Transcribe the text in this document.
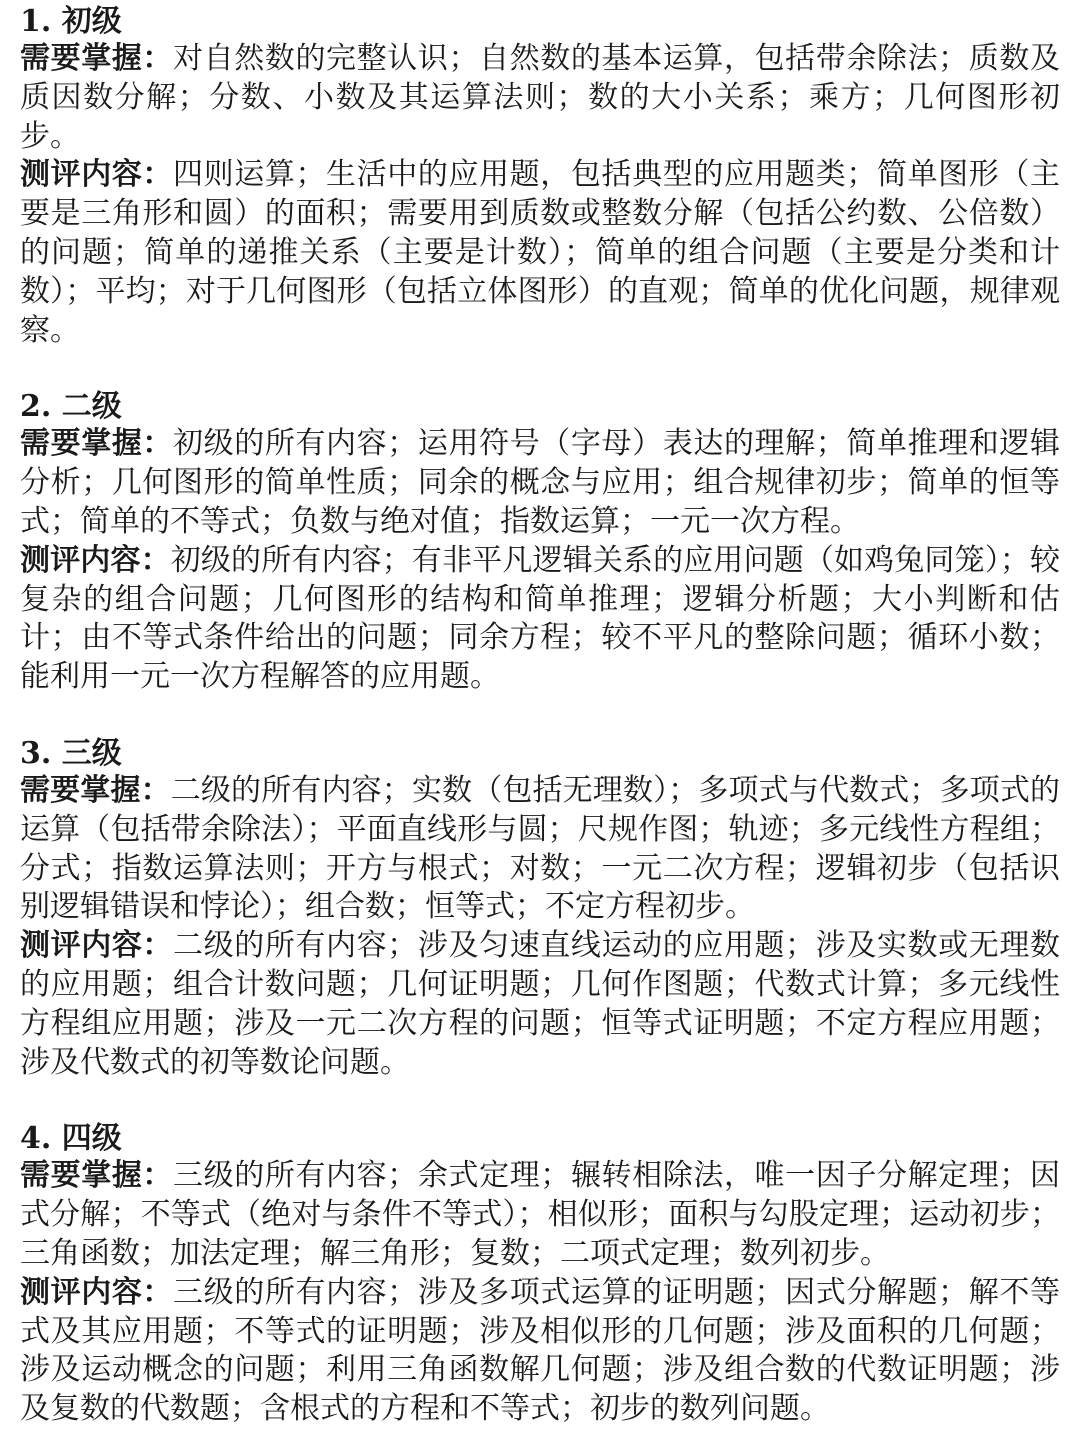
1. 初级

需要掌握：对自然数的完整认识；自然数的基本运算，包括带余除法；质数及质因数分解；分数、小数及其运算法则；数的大小关系；乘方；几何图形初步。

测评内容：四则运算；生活中的应用题，包括典型的应用题类；简单图形（主要是三角形和圆）的面积；需要用到质数或整数分解（包括公约数、公倍数）的问题；简单的递推关系（主要是计数）；简单的组合问题（主要是分类和计数）；平均；对于几何图形（包括立体图形）的直观；简单的优化问题，规律观察。

2. 二级

需要掌握：初级的所有内容；运用符号（字母）表达的理解；简单推理和逻辑分析；几何图形的简单性质；同余的概念与应用；组合规律初步；简单的恒等式；简单的不等式；负数与绝对值；指数运算；一元一次方程。

测评内容：初级的所有内容；有非平凡逻辑关系的应用问题（如鸡兔同笼）；较复杂的组合问题；几何图形的结构和简单推理；逻辑分析题；大小判断和估计；由不等式条件给出的问题；同余方程；较不平凡的整除问题；循环小数；能利用一元一次方程解答的应用题。

3. 三级

需要掌握：二级的所有内容；实数（包括无理数）；多项式与代数式；多项式的运算（包括带余除法）；平面直线形与圆；尺规作图；轨迹；多元线性方程组；分式；指数运算法则；开方与根式；对数；一元二次方程；逻辑初步（包括识别逻辑错误和悖论）；组合数；恒等式；不定方程初步。

测评内容：二级的所有内容；涉及匀速直线运动的应用题；涉及实数或无理数的应用题；组合计数问题；几何证明题；几何作图题；代数式计算；多元线性方程组应用题；涉及一元二次方程的问题；恒等式证明题；不定方程应用题；涉及代数式的初等数论问题。

4. 四级

需要掌握：三级的所有内容；余式定理；辗转相除法，唯一因子分解定理；因式分解；不等式（绝对与条件不等式）；相似形；面积与勾股定理；运动初步；三角函数；加法定理；解三角形；复数；二项式定理；数列初步。

测评内容：三级的所有内容；涉及多项式运算的证明题；因式分解题；解不等式及其应用题；不等式的证明题；涉及相似形的几何题；涉及面积的几何题；涉及运动概念的问题；利用三角函数解几何题；涉及组合数的代数证明题；涉及复数的代数题；含根式的方程和不等式；初步的数列问题。
